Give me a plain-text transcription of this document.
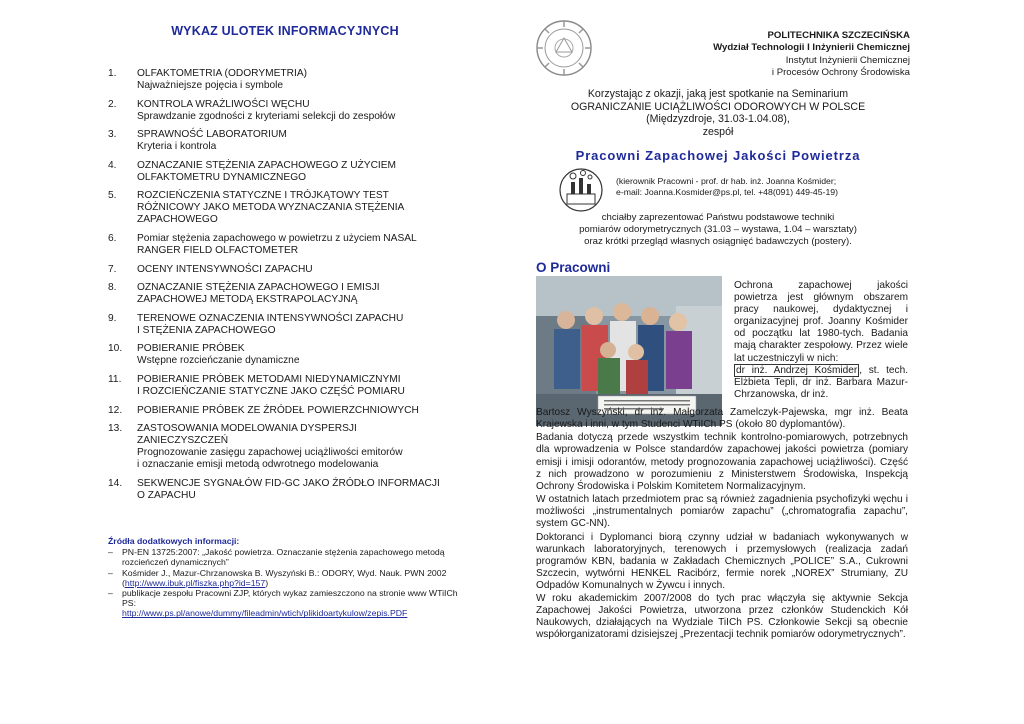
WYKAZ ULOTEK INFORMACYJNYCH
1. OLFAKTOMETRIA (ODORYMETRIA)
Najważniejsze pojęcia i symbole
2. KONTROLA WRAŻLIWOŚCI WĘCHU
Sprawdzanie zgodności z kryteriami selekcji do zespołów
3. SPRAWNOŚĆ LABORATORIUM
Kryteria i kontrola
4. OZNACZANIE STĘŻENIA ZAPACHOWEGO Z UŻYCIEM
OLFAKTOMETRU DYNAMICZNEGO
5. ROZCIEŃCZENIA STATYCZNE I TRÓJKĄTOWY TEST
RÓŻNICOWY JAKO METODA WYZNACZANIA STĘŻENIA
ZAPACHOWEGO
6. Pomiar stężenia zapachowego w powietrzu z użyciem NASAL
RANGER FIELD OLFACTOMETER
7. OCENY INTENSYWNOŚCI ZAPACHU
8. OZNACZANIE STĘŻENIA ZAPACHOWEGO I EMISJI
ZAPACHOWEJ METODĄ EKSTRAPOLACYJNĄ
9. TERENOWE OZNACZENIA INTENSYWNOŚCI ZAPACHU
I STĘŻENIA ZAPACHOWEGO
10. POBIERANIE PRÓBEK
Wstępne rozcieńczanie dynamiczne
11. POBIERANIE PRÓBEK METODAMI NIEDYNAMICZNYMI
I ROZCIEŃCZANIE STATYCZNE JAKO CZĘŚĆ POMIARU
12. POBIERANIE PRÓBEK ZE ŹRÓDEŁ POWIERZCHNIOWYCH
13. ZASTOSOWANIA MODELOWANIA DYSPERSJI
ZANIECZYSZCZEŃ
Prognozowanie zasięgu zapachowej uciążliwości emitorów
i oznaczanie emisji metodą odwrotnego modelowania
14. SEKWENCJE SYGNAŁÓW FID-GC JAKO ŹRÓDŁO INFORMACJI
O ZAPACHU
Źródła dodatkowych informacji:
– PN-EN 13725:2007: „Jakość powietrza. Oznaczanie stężenia zapachowego metodą rozcieńczeń dynamicznych”
– Kośmider J., Mazur-Chrzanowska B. Wyszyński B.: ODORY, Wyd. Nauk. PWN 2002 (http://www.ibuk.pl/fiszka.php?id=157)
– publikacje zespołu Pracowni ZJP, których wykaz zamieszczono na stronie www WTiICh PS:
http://www.ps.pl/anowe/dummy/fileadmin/wtich/plikidoartykulow/zepis.PDF
POLITECHNIKA SZCZECIŃSKA
Wydział Technologii I Inżynierii Chemicznej
Instytut Inżynierii Chemicznej
i Procesów Ochrony Środowiska
Korzystając z okazji, jaką jest spotkanie na Seminarium
OGRANICZANIE UCIĄŻLIWOŚCI ODOROWYCH W POLSCE
(Międzyzdroje, 31.03-1.04.08),
zespół
Pracowni Zapachowej Jakości Powietrza
(kierownik Pracowni - prof. dr hab. inż. Joanna Kośmider;
e-mail: Joanna.Kosmider@ps.pl, tel. +48(091) 449-45-19)
chciałby zaprezentować Państwu podstawowe techniki
pomiarów odorymetrycznych (31.03 – wystawa, 1.04 – warsztaty)
oraz krótki przegląd własnych osiągnięć badawczych (postery).
O Pracowni
Ochrona zapachowej jakości powietrza jest głównym obszarem pracy naukowej, dydaktycznej i organizacyjnej prof. Joanny Kośmider od początku lat 1980-tych. Badania mają charakter zespołowy. Przez wiele lat uczestniczyli w nich:
dr inż. Andrzej Kośmider , st. tech. Elżbieta Tepli, dr inż. Barbara Mazur-Chrzanowska, dr inż.

Bartosz Wyszyński, dr inż. Małgorzata Zamelczyk-Pajewska, mgr inż. Beata Krajewska i inni, w tym Studenci WTiICh PS (około 80 dyplomantów).

Badania dotyczą przede wszystkim technik kontrolno-pomiarowych, potrzebnych dla wprowadzenia w Polsce standardów zapachowej jakości powietrza (pomiary emisji i imisji odorantów, metody prognozowania zapachowej uciążliwości). Część z nich prowadzono w porozumieniu z Ministerstwem Środowiska, Inspekcją Ochrony Środowiska i Polskim Komitetem Normalizacyjnym.

W ostatnich latach przedmiotem prac są również zagadnienia psychofizyki węchu i możliwości „instrumentalnych pomiarów zapachu” („chromatografia zapachu”, system GC-NN).

Doktoranci i Dyplomanci biorą czynny udział w badaniach wykonywanych w warunkach laboratoryjnych, terenowych i przemysłowych (realizacja zadań programów KBN, badania w Zakładach Chemicznych „POLICE” S.A., Cukrowni Szczecin, wytwórni HENKEL Racibórz, fermie norek „NOREX” Strumiany, ZU Odpadów Komunalnych w Żywcu i innych.

W roku akademickim 2007/2008 do tych prac włączyła się aktywnie Sekcja Zapachowej Jakości Powietrza, utworzona przez członków Studenckich Kół Naukowych, działających na Wydziale TiICh PS. Członkowie Sekcji są obecnie współorganizatorami dzisiejszej „Prezentacji technik pomiarów odorymetrycznych”.
